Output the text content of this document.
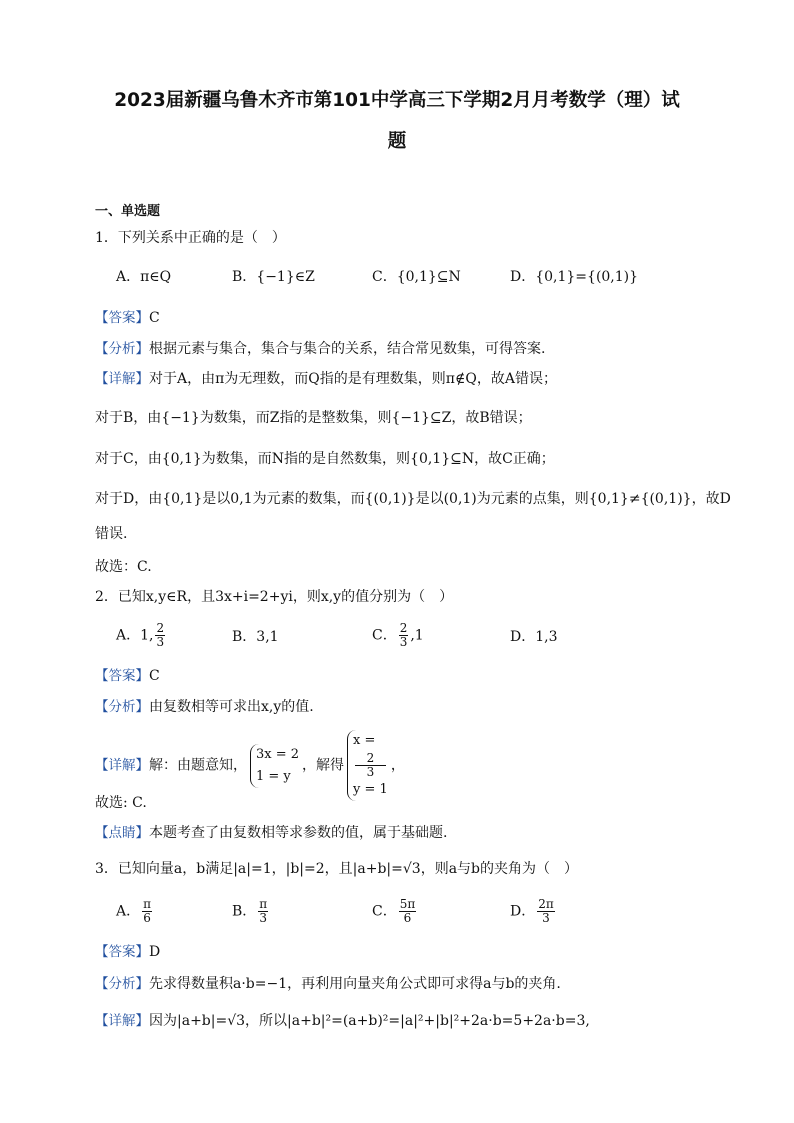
2023届新疆乌鲁木齐市第101中学高三下学期2月月考数学（理）试
题
一、单选题
1．下列关系中正确的是（　）
A．π∈Q	B．{−1}∈Z	C．{0,1}⊆N	D．{0,1}={(0,1)}
【答案】C
【分析】根据元素与集合，集合与集合的关系，结合常见数集，可得答案.
【详解】对于A，由π为无理数，而Q指的是有理数集，则π∉Q，故A错误；
对于B，由{−1}为数集，而Z指的是整数集，则{−1}⊆Z，故B错误；
对于C，由{0,1}为数集，而N指的是自然数集，则{0,1}⊆N，故C正确；
对于D，由{0,1}是以0,1为元素的数集，而{(0,1)}是以(0,1)为元素的点集，则{0,1}≠{(0,1)}，故D
错误.
故选：C.
2．已知x,y∈R，且3x+i=2+yi，则x,y的值分别为（　）
A．1, $\frac{2}{3}$	B．3,1	C． $\frac{2}{3} ,1$	D．1,3
【答案】C
【分析】由复数相等可求出x,y的值.
【详解】解：由题意知，
3x = 2
1 = y
，解得
x =
2
3
y = 1
，
故选: C.
【点睛】本题考查了由复数相等求参数的值，属于基础题.
3．已知向量a，b满足|a|=1，|b|=2，且|a+b|=√3，则a与b的夹角为（　）
A． $\frac{\pi}{6}$	B． $\frac{\pi}{3}$	C． $\frac{5\pi}{6}$	D． $\frac{2\pi}{3}$
【答案】D
【分析】先求得数量积a·b=−1，再利用向量夹角公式即可求得a与b的夹角.
【详解】因为|a+b|=√3，所以|a+b|²=(a+b)²=|a|²+|b|²+2a·b=5+2a·b=3,
